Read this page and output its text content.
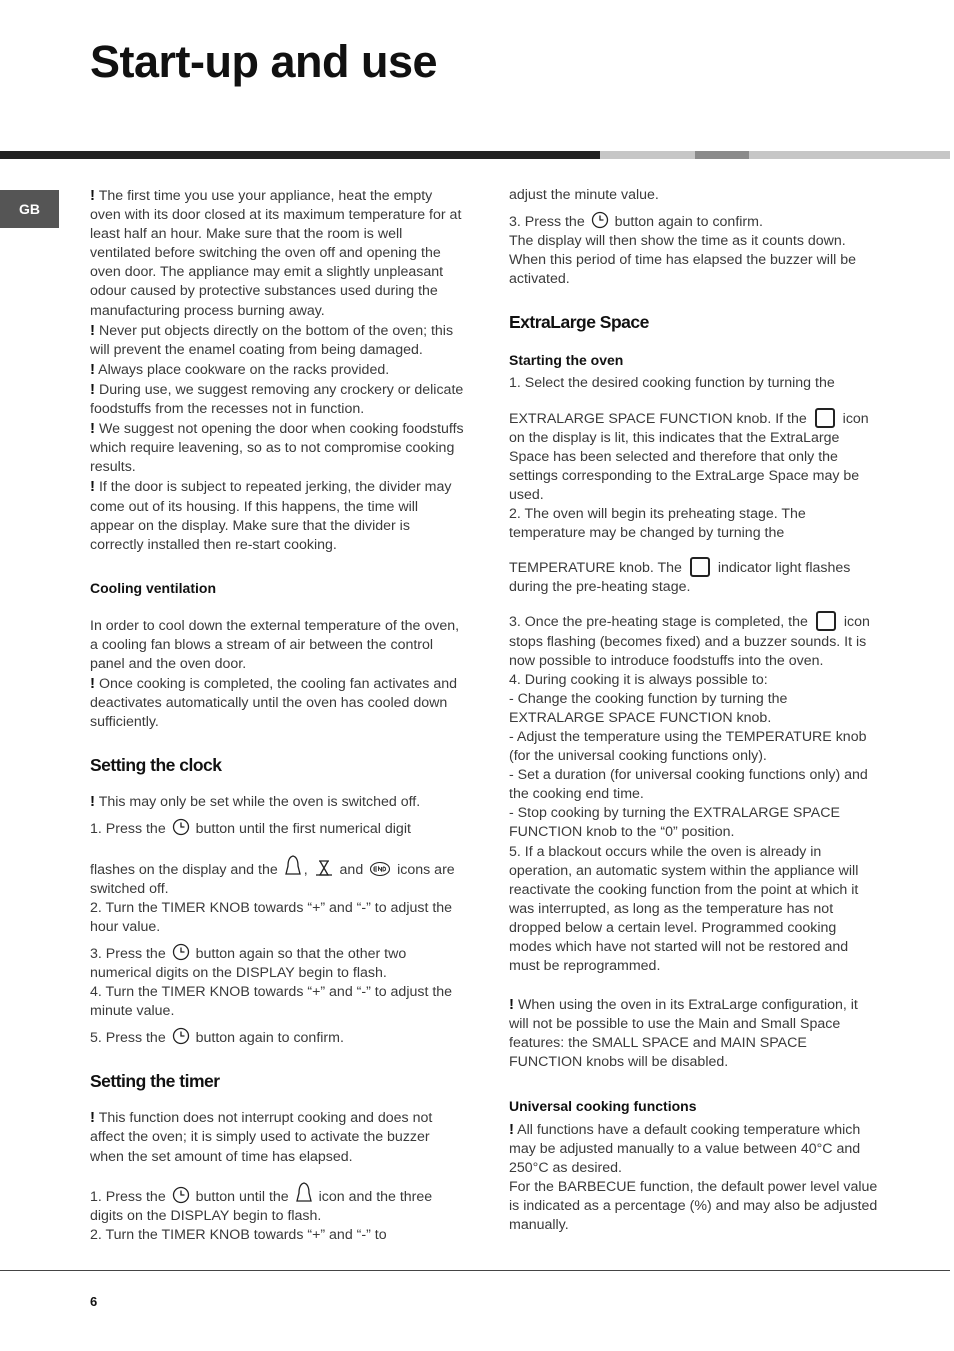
Start-up and use
GB

! The first time you use your appliance, heat the empty oven with its door closed at its maximum temperature for at least half an hour. Make sure that the room is well ventilated before switching the oven off and opening the oven door. The appliance may emit a slightly unpleasant odour caused by protective substances used during the manufacturing process burning away.

! Never put objects directly on the bottom of the oven; this will prevent the enamel coating from being damaged.

! Always place cookware on the racks provided.

! During use, we suggest removing any crockery or delicate foodstuffs from the recesses not in function.

! We suggest not opening the door when cooking foodstuffs which require leavening, so as to not compromise cooking results.

! If the door is subject to repeated jerking, the divider may come out of its housing. If this happens, the time will appear on the display. Make sure that the divider is correctly installed then re-start cooking.

Cooling ventilation

In order to cool down the external temperature of the oven, a cooling fan blows a stream of air between the control panel and the oven door.

! Once cooking is completed, the cooling fan activates and deactivates automatically until the oven has cooled down sufficiently.

Setting the clock

! This may only be set while the oven is switched off.

1. Press the button until the first numerical digit

flashes on the display and the , and icons are switched off.

2. Turn the TIMER KNOB towards “+” and “-” to adjust the hour value.

3. Press the button again so that the other two numerical digits on the DISPLAY begin to flash.

4. Turn the TIMER KNOB towards “+” and “-” to adjust the minute value.

5. Press the button again to confirm.

Setting the timer

! This function does not interrupt cooking and does not affect the oven; it is simply used to activate the buzzer when the set amount of time has elapsed.

1. Press the button until the icon and the three digits on the DISPLAY begin to flash.

2. Turn the TIMER KNOB towards “+” and “-” to

adjust the minute value.

3. Press the button again to confirm.

The display will then show the time as it counts down. When this period of time has elapsed the buzzer will be activated.

ExtraLarge Space
Starting the oven

1. Select the desired cooking function by turning the

EXTRALARGE SPACE FUNCTION knob. If the	icon on the display is lit, this indicates that the ExtraLarge Space has been selected and therefore that only the settings corresponding to the ExtraLarge Space may be used.

2. The oven will begin its preheating stage. The temperature may be changed by turning the

TEMPERATURE knob. The	indicator light flashes during the pre-heating stage.

3. Once the pre-heating stage is completed, the	icon stops flashing (becomes fixed) and a buzzer sounds. It is now possible to introduce foodstuffs into the oven.

4. During cooking it is always possible to:

- Change the cooking function by turning the EXTRALARGE SPACE FUNCTION knob.

- Adjust the temperature using the TEMPERATURE knob (for the universal cooking functions only).

- Set a duration (for universal cooking functions only) and the cooking end time.

- Stop cooking by turning the EXTRALARGE SPACE FUNCTION knob to the “0” position.

5. If a blackout occurs while the oven is already in operation, an automatic system within the appliance will reactivate the cooking function from the point at which it was interrupted, as long as the temperature has not dropped below a certain level. Programmed cooking modes which have not started will not be restored and must be reprogrammed.

! When using the oven in its ExtraLarge configuration, it will not be possible to use the Main and Small Space features: the SMALL SPACE and MAIN SPACE FUNCTION knobs will be disabled.

Universal cooking functions

! All functions have a default cooking temperature which may be adjusted manually to a value between 40°C and 250°C as desired.

For the BARBECUE function, the default power level value is indicated as a percentage (%) and may also be adjusted manually.

6
